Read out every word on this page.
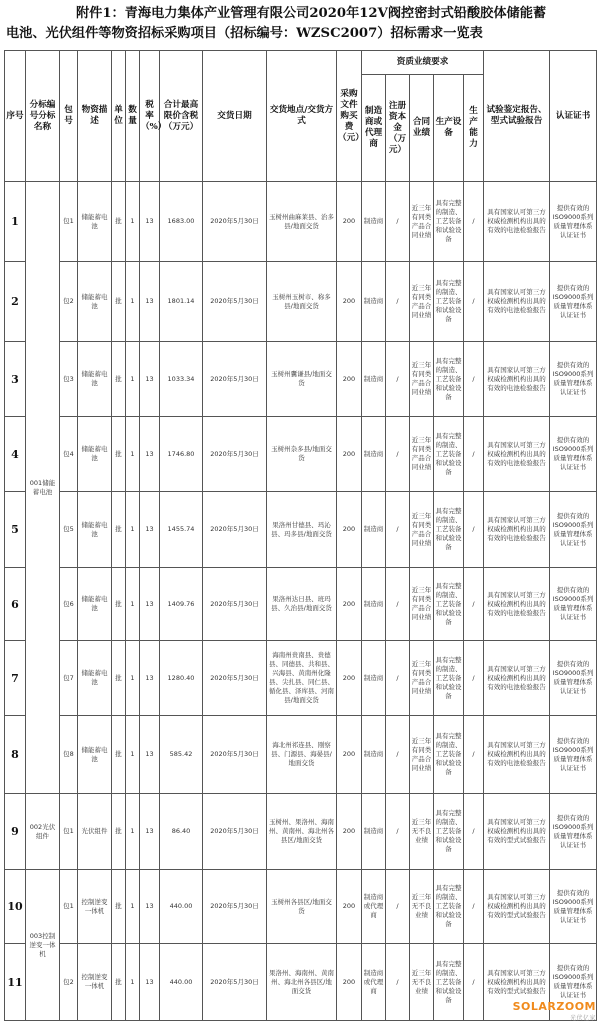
附件1：青海电力集体产业管理有限公司2020年12V阀控密封式铅酸胶体储能蓄
电池、光伏组件等物资招标采购项目（招标编号：WZSC2007）招标需求一览表
序号	分标编号分标名称	包号	物资描述	单位	数量	税率（%）	合计最高限价含税（万元）	交货日期	交货地点/交货方式	采购文件购买费（元）	资质业绩要求					试验鉴定报告、型式试验报告	认证证书
											制造商或代理商	注册资本金（万元）	合同业绩	生产设备	生产能力		
1	001储能蓄电池	包1	储能蓄电池	批	1	13	1683.00	2020年5月30日	玉树州曲麻莱县、治多县/地面交货	200	制造商	/	近三年有同类产品合同业绩	具有完整的制造、工艺装备和试验设备	/	具有国家认可第三方权威检测机构出具的有效的电池检验报告	提供有效的ISO9000系列质量管理体系认证证书
2		包2	储能蓄电池	批	1	13	1801.14	2020年5月30日	玉树州玉树市、称多县/地面交货	200	制造商	/	近三年有同类产品合同业绩	具有完整的制造、工艺装备和试验设备	/	具有国家认可第三方权威检测机构出具的有效的电池检验报告	提供有效的ISO9000系列质量管理体系认证证书
3		包3	储能蓄电池	批	1	13	1033.34	2020年5月30日	玉树州囊谦县/地面交货	200	制造商	/	近三年有同类产品合同业绩	具有完整的制造、工艺装备和试验设备	/	具有国家认可第三方权威检测机构出具的有效的电池检验报告	提供有效的ISO9000系列质量管理体系认证证书
4		包4	储能蓄电池	批	1	13	1746.80	2020年5月30日	玉树州杂多县/地面交货	200	制造商	/	近三年有同类产品合同业绩	具有完整的制造、工艺装备和试验设备	/	具有国家认可第三方权威检测机构出具的有效的电池检验报告	提供有效的ISO9000系列质量管理体系认证证书
5		包5	储能蓄电池	批	1	13	1455.74	2020年5月30日	果洛州甘德县、玛沁县、玛多县/地面交货	200	制造商	/	近三年有同类产品合同业绩	具有完整的制造、工艺装备和试验设备	/	具有国家认可第三方权威检测机构出具的有效的电池检验报告	提供有效的ISO9000系列质量管理体系认证证书
6		包6	储能蓄电池	批	1	13	1409.76	2020年5月30日	果洛州达日县、班玛县、久治县/地面交货	200	制造商	/	近三年有同类产品合同业绩	具有完整的制造、工艺装备和试验设备	/	具有国家认可第三方权威检测机构出具的有效的电池检验报告	提供有效的ISO9000系列质量管理体系认证证书
7		包7	储能蓄电池	批	1	13	1280.40	2020年5月30日	海南州贵南县、贵德县、同德县、共和县、兴海县、黄南州化隆县、尖扎县、同仁县、循化县、泽库县、河南县/地面交货	200	制造商	/	近三年有同类产品合同业绩	具有完整的制造、工艺装备和试验设备	/	具有国家认可第三方权威检测机构出具的有效的电池检验报告	提供有效的ISO9000系列质量管理体系认证证书
8		包8	储能蓄电池	批	1	13	585.42	2020年5月30日	海北州祁连县、刚察县、门源县、海晏县/地面交货	200	制造商	/	近三年有同类产品合同业绩	具有完整的制造、工艺装备和试验设备	/	具有国家认可第三方权威检测机构出具的有效的电池检验报告	提供有效的ISO9000系列质量管理体系认证证书
9	002光伏组件	包1	光伏组件	批	1	13	86.40	2020年5月30日	玉树州、果洛州、海南州、黄南州、海北州各县区/地面交货	200	制造商	/	近三年无不良业绩	具有完整的制造、工艺装备和试验设备	/	具有国家认可第三方权威检测机构出具的有效的型式试验报告	提供有效的ISO9000系列质量管理体系认证证书
10	003控制逆变一体机	包1	控制逆变一体机	批	1	13	440.00	2020年5月30日	玉树州各县区/地面交货	200	制造商或代理商	/	近三年无不良业绩	具有完整的制造、工艺装备和试验设备	/	具有国家认可第三方权威检测机构出具的有效的型式试验报告	提供有效的ISO9000系列质量管理体系认证证书
11		包2	控制逆变一体机	批	1	13	440.00	2020年5月30日	果洛州、海南州、黄南州、海北州各县区/地面交货	200	制造商或代理商	/	近三年无不良业绩	具有完整的制造、工艺装备和试验设备	/	具有国家认可第三方权威检测机构出具的有效的型式试验报告	提供有效的ISO9000系列质量管理体系认证证书
SOLARZOOM
光伏亿家
